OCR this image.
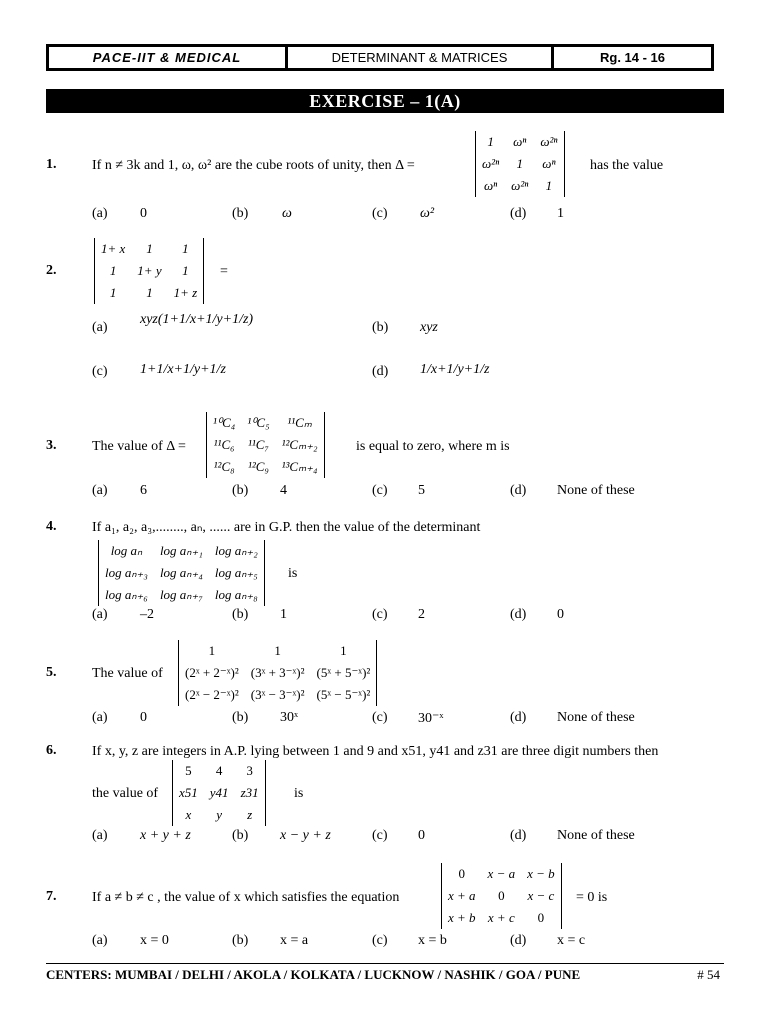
PACE-IIT & MEDICAL	DETERMINANT & MATRICES	Rg. 14 - 16
EXERCISE – 1(A)
1.	If n ≠ 3k and 1, ω, ω² are the cube roots of unity, then Δ =
1	ωⁿ	ω²ⁿ
ω²ⁿ	1	ωⁿ
ωⁿ	ω²ⁿ	1
has the value
(a) 0	(b) ω	(c) ω²	(d) 1
2.
1+ x	1	1
1	1+ y	1
1	1	1+ z
=
(a)
xyz(1+1/x+1/y+1/z)
(b) xyz
(c) 1+1/x+1/y+1/z	(d) 1/x+1/y+1/z
3.	The value of Δ =
¹⁰C₄	¹⁰C₅	¹¹Cₘ
¹¹C₆	¹¹C₇	¹²Cₘ₊₂
¹²C₈	¹²C₉	¹³Cₘ₊₄
is equal to zero, where m is
(a) 6	(b) 4	(c) 5	(d) None of these
4.	If a₁, a₂, a₃,........, aₙ, ...... are in G.P. then the value of the determinant
log aₙ	log aₙ₊₁	log aₙ₊₂
log aₙ₊₃	log aₙ₊₄	log aₙ₊₅
log aₙ₊₆	log aₙ₊₇	log aₙ₊₈
is
(a) –2	(b) 1	(c) 2	(d) 0
5.	The value of
1	1	1
(2ˣ + 2⁻ˣ)²	(3ˣ + 3⁻ˣ)²	(5ˣ + 5⁻ˣ)²
(2ˣ − 2⁻ˣ)²	(3ˣ − 3⁻ˣ)²	(5ˣ − 5⁻ˣ)²
(a) 0	(b) 30ˣ	(c) 30⁻ˣ	(d) None of these
6.	If x, y, z are integers in A.P. lying between 1 and 9 and x51, y41 and z31 are three digit numbers then
the value of
5	4	3
x51	y41	z31
x	y	z
is
(a) x + y + z	(b) x − y + z	(c) 0	(d) None of these
7.	If a ≠ b ≠ c , the value of x which satisfies the equation
0	x − a	x − b
x + a	0	x − c
x + b	x + c	0
= 0 is
(a) x = 0	(b) x = a	(c) x = b	(d) x = c
CENTERS: MUMBAI / DELHI / AKOLA / KOLKATA / LUCKNOW / NASHIK / GOA / PUNE	# 54
